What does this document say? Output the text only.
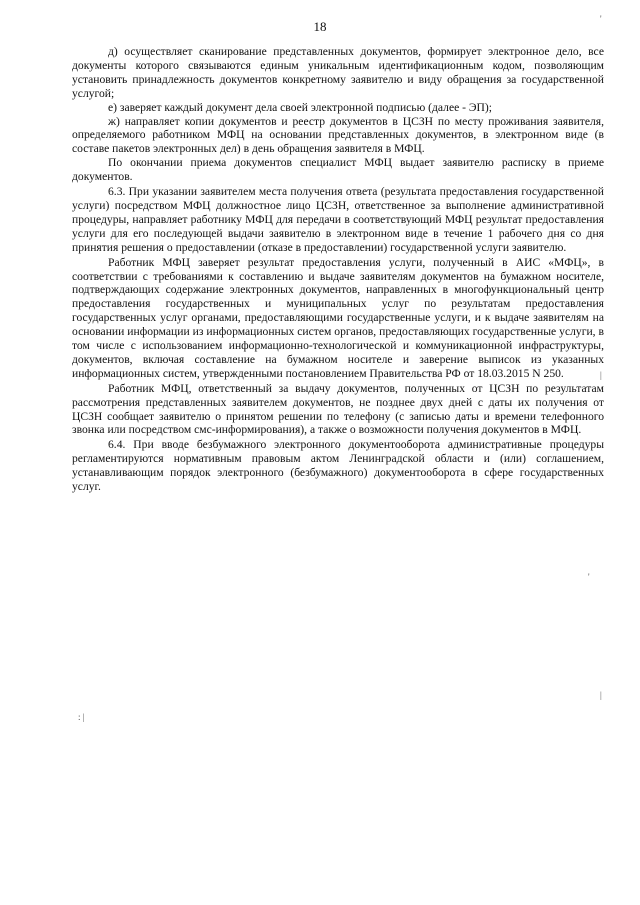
18

д) осуществляет сканирование представленных документов, формирует электронное дело, все документы которого связываются единым уникальным идентификационным кодом, позволяющим установить принадлежность документов конкретному заявителю и виду обращения за государственной услугой;

е) заверяет каждый документ дела своей электронной подписью (далее - ЭП);

ж) направляет копии документов и реестр документов в ЦСЗН по месту проживания заявителя, определяемого работником МФЦ на основании представленных документов, в электронном виде (в составе пакетов электронных дел) в день обращения заявителя в МФЦ.

По окончании приема документов специалист МФЦ выдает заявителю расписку в приеме документов.

6.3. При указании заявителем места получения ответа (результата предоставления государственной услуги) посредством МФЦ должностное лицо ЦСЗН, ответственное за выполнение административной процедуры, направляет работнику МФЦ для передачи в соответствующий МФЦ результат предоставления услуги для его последующей выдачи заявителю в электронном виде в течение 1 рабочего дня со дня принятия решения о предоставлении (отказе в предоставлении) государственной услуги заявителю.

Работник МФЦ заверяет результат предоставления услуги, полученный в АИС «МФЦ», в соответствии с требованиями к составлению и выдаче заявителям документов на бумажном носителе, подтверждающих содержание электронных документов, направленных в многофункциональный центр предоставления государственных и муниципальных услуг по результатам предоставления государственных услуг органами, предоставляющими государственные услуги, и к выдаче заявителям на основании информации из информационных систем органов, предоставляющих государственные услуги, в том числе с использованием информационно-технологической и коммуникационной инфраструктуры, документов, включая составление на бумажном носителе и заверение выписок из указанных информационных систем, утвержденными постановлением Правительства РФ от 18.03.2015 N 250.

Работник МФЦ, ответственный за выдачу документов, полученных от ЦСЗН по результатам рассмотрения представленных заявителем документов, не позднее двух дней с даты их получения от ЦСЗН сообщает заявителю о принятом решении по телефону (с записью даты и времени телефонного звонка или посредством смс-информирования), а также о возможности получения документов в МФЦ.

6.4. При вводе безбумажного электронного документооборота административные процедуры регламентируются нормативным правовым актом Ленинградской области и (или) соглашением, устанавливающим порядок электронного (безбумажного) документооборота в сфере государственных услуг.

'
|
'
|
: |
